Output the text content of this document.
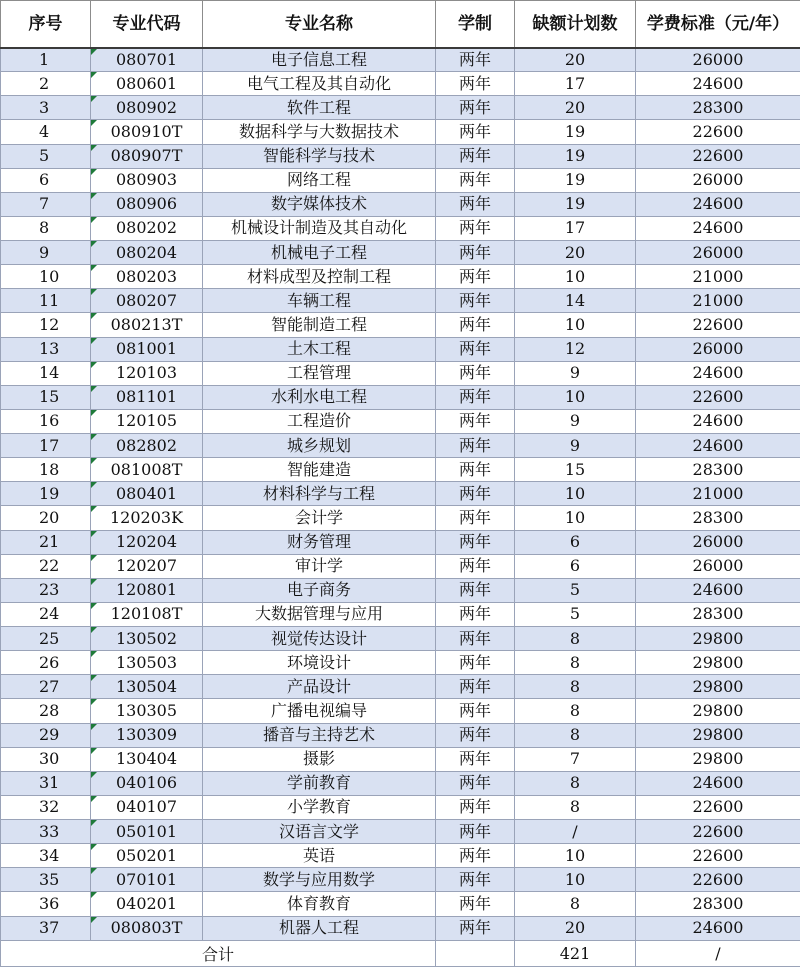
序号	专业代码	专业名称	学制	缺额计划数	学费标准（元/年）
1	080701	电子信息工程	两年	20	26000
2	080601	电气工程及其自动化	两年	17	24600
3	080902	软件工程	两年	20	28300
4	080910T	数据科学与大数据技术	两年	19	22600
5	080907T	智能科学与技术	两年	19	22600
6	080903	网络工程	两年	19	26000
7	080906	数字媒体技术	两年	19	24600
8	080202	机械设计制造及其自动化	两年	17	24600
9	080204	机械电子工程	两年	20	26000
10	080203	材料成型及控制工程	两年	10	21000
11	080207	车辆工程	两年	14	21000
12	080213T	智能制造工程	两年	10	22600
13	081001	土木工程	两年	12	26000
14	120103	工程管理	两年	9	24600
15	081101	水利水电工程	两年	10	22600
16	120105	工程造价	两年	9	24600
17	082802	城乡规划	两年	9	24600
18	081008T	智能建造	两年	15	28300
19	080401	材料科学与工程	两年	10	21000
20	120203K	会计学	两年	10	28300
21	120204	财务管理	两年	6	26000
22	120207	审计学	两年	6	26000
23	120801	电子商务	两年	5	24600
24	120108T	大数据管理与应用	两年	5	28300
25	130502	视觉传达设计	两年	8	29800
26	130503	环境设计	两年	8	29800
27	130504	产品设计	两年	8	29800
28	130305	广播电视编导	两年	8	29800
29	130309	播音与主持艺术	两年	8	29800
30	130404	摄影	两年	7	29800
31	040106	学前教育	两年	8	24600
32	040107	小学教育	两年	8	22600
33	050101	汉语言文学	两年	/	22600
34	050201	英语	两年	10	22600
35	070101	数学与应用数学	两年	10	22600
36	040201	体育教育	两年	8	28300
37	080803T	机器人工程	两年	20	24600
合计				421	/
